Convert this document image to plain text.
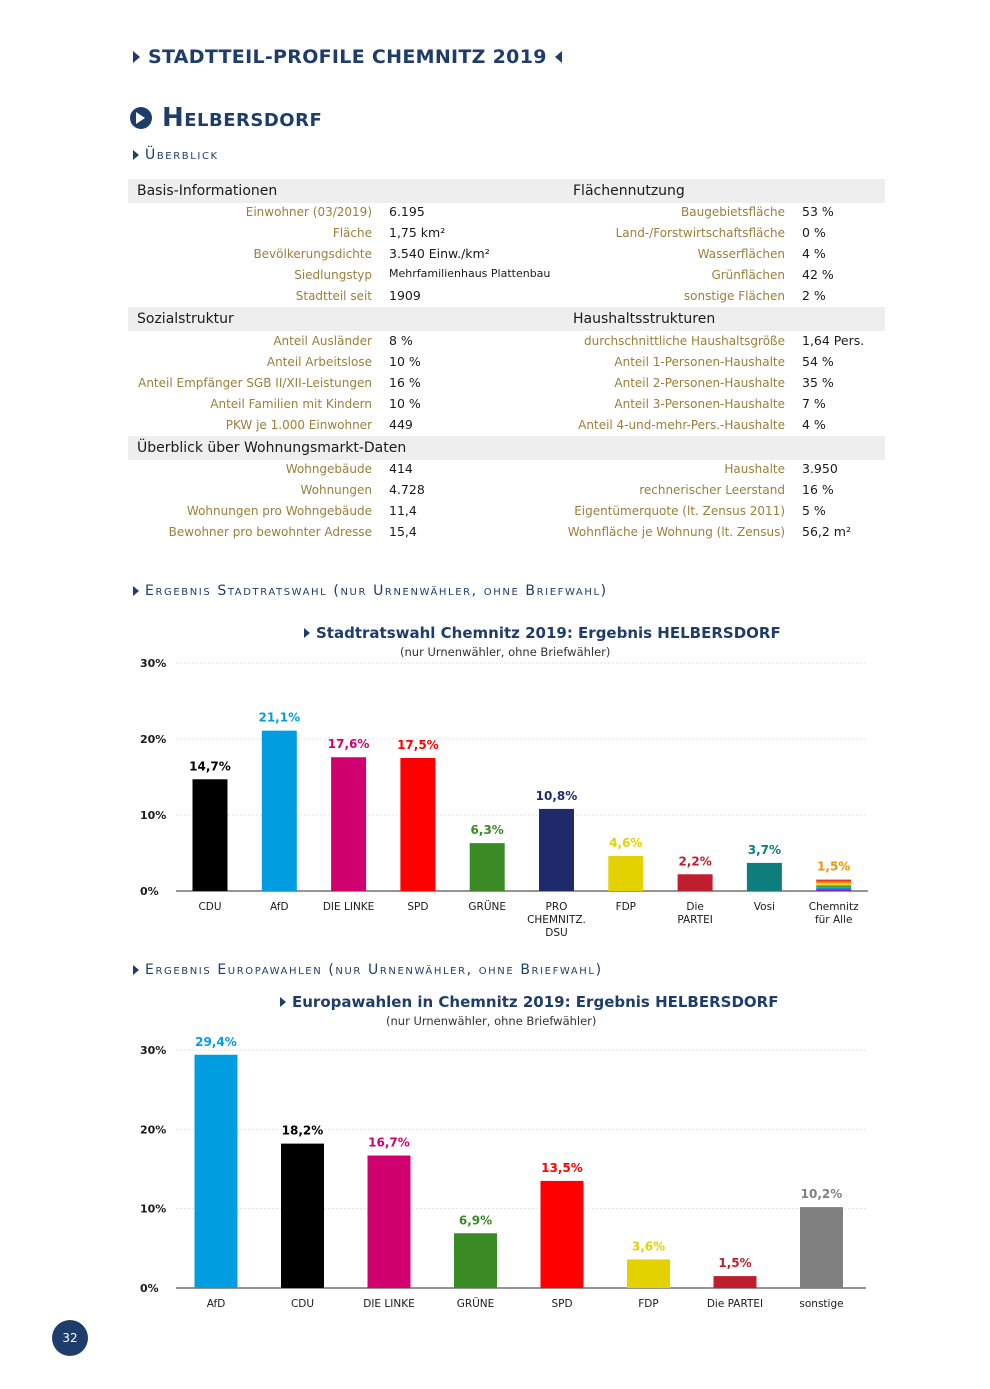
STADTTEIL-PROFILE CHEMNITZ 2019
Helbersdorf
Überblick
Basis-Informationen	Flächennutzung
Einwohner (03/2019) 6.195
Fläche 1,75 km²
Bevölkerungsdichte 3.540 Einw./km²
Siedlungstyp Mehrfamilienhaus Plattenbau
Stadtteil seit 1909
Baugebietsfläche 53 %
Land-/Forstwirtschaftsfläche 0 %
Wasserflächen 4 %
Grünflächen 42 %
sonstige Flächen 2 %
Sozialstruktur	Haushaltsstrukturen
Anteil Ausländer 8 %
Anteil Arbeitslose 10 %
Anteil Empfänger SGB II/XII-Leistungen 16 %
Anteil Familien mit Kindern 10 %
PKW je 1.000 Einwohner 449
durchschnittliche Haushaltsgröße 1,64 Pers.
Anteil 1-Personen-Haushalte 54 %
Anteil 2-Personen-Haushalte 35 %
Anteil 3-Personen-Haushalte 7 %
Anteil 4-und-mehr-Pers.-Haushalte 4 %
Überblick über Wohnungsmarkt-Daten
Wohngebäude 414
Wohnungen 4.728
Wohnungen pro Wohngebäude 11,4
Bewohner pro bewohnter Adresse 15,4
Haushalte 3.950
rechnerischer Leerstand 16 %
Eigentümerquote (lt. Zensus 2011) 5 %
Wohnfläche je Wohnung (lt. Zensus) 56,2 m²
Ergebnis Stadtratswahl (nur Urnenwähler, ohne Briefwahl)
Stadtratswahl Chemnitz 2019: Ergebnis HELBERSDORF
(nur Urnenwähler, ohne Briefwähler)
0%
10%
20%
30%
14,7%
CDU
21,1%
AfD
17,6%
DIE LINKE
17,5%
SPD
6,3%
GRÜNE
10,8%
PRO
CHEMNITZ.
DSU
4,6%
FDP
2,2%
Die
PARTEI
3,7%
Vosi
1,5%
Chemnitz
für Alle
0%
10%
20%
30%
29,4%
AfD
18,2%
CDU
16,7%
DIE LINKE
6,9%
GRÜNE
13,5%
SPD
3,6%
FDP
1,5%
Die PARTEI
10,2%
sonstige
Ergebnis Europawahlen (nur Urnenwähler, ohne Briefwahl)
Europawahlen in Chemnitz 2019: Ergebnis HELBERSDORF
(nur Urnenwähler, ohne Briefwähler)
32
